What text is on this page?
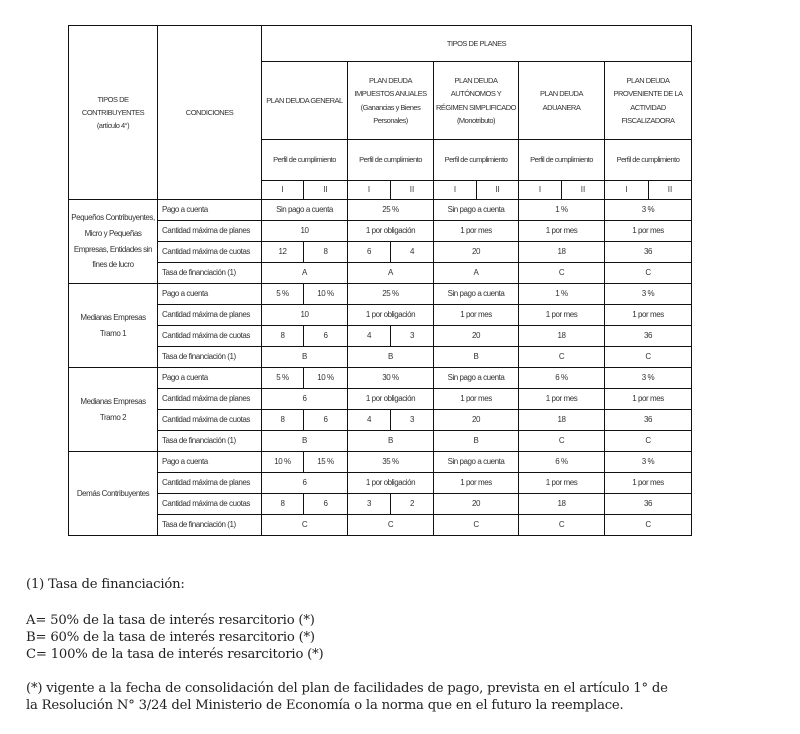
TIPOS DE CONTRIBUYENTES (artículo 4°)	CONDICIONES	TIPOS DE PLANES									
		PLAN DEUDA GENERAL		PLAN DEUDA IMPUESTOS ANUALES (Ganancias y Bienes Personales)		PLAN DEUDA AUTÓNOMOS Y RÉGIMEN SIMPLIFICADO (Monotributo)		PLAN DEUDA ADUANERA		PLAN DEUDA PROVENIENTE DE LA ACTIVIDAD FISCALIZADORA	
		Perfil de cumplimiento		Perfil de cumplimiento		Perfil de cumplimiento		Perfil de cumplimiento		Perfil de cumplimiento	
		I	II	I	II	I	II	I	II	I	II
Pequeños Contribuyentes, Micro y Pequeñas Empresas, Entidades sin fines de lucro	Pago a cuenta	Sin pago a cuenta		25 %		Sin pago a cuenta		1 %		3 %	
	Cantidad máxima de planes	10		1 por obligación		1 por mes		1 por mes		1 por mes	
	Cantidad máxima de cuotas	12	8	6	4	20		18		36	
	Tasa de financiación (1)	A		A		A		C		C	
Medianas Empresas Tramo 1	Pago a cuenta	5 %	10 %	25 %		Sin pago a cuenta		1 %		3 %	
	Cantidad máxima de planes	10		1 por obligación		1 por mes		1 por mes		1 por mes	
	Cantidad máxima de cuotas	8	6	4	3	20		18		36	
	Tasa de financiación (1)	B		B		B		C		C	
Medianas Empresas Tramo 2	Pago a cuenta	5 %	10 %	30 %		Sin pago a cuenta		6 %		3 %	
	Cantidad máxima de planes	6		1 por obligación		1 por mes		1 por mes		1 por mes	
	Cantidad máxima de cuotas	8	6	4	3	20		18		36	
	Tasa de financiación (1)	B		B		B		C		C	
Demás Contribuyentes	Pago a cuenta	10 %	15 %	35 %		Sin pago a cuenta		6 %		3 %	
	Cantidad máxima de planes	6		1 por obligación		1 por mes		1 por mes		1 por mes	
	Cantidad máxima de cuotas	8	6	3	2	20		18		36	
	Tasa de financiación (1)	C		C		C		C		C	

(1) Tasa de financiación:

A= 50% de la tasa de interés resarcitorio (*)

B= 60% de la tasa de interés resarcitorio (*)

C= 100% de la tasa de interés resarcitorio (*)

(*) vigente a la fecha de consolidación del plan de facilidades de pago, prevista en el artículo 1° de

la Resolución N° 3/24 del Ministerio de Economía o la norma que en el futuro la reemplace.
